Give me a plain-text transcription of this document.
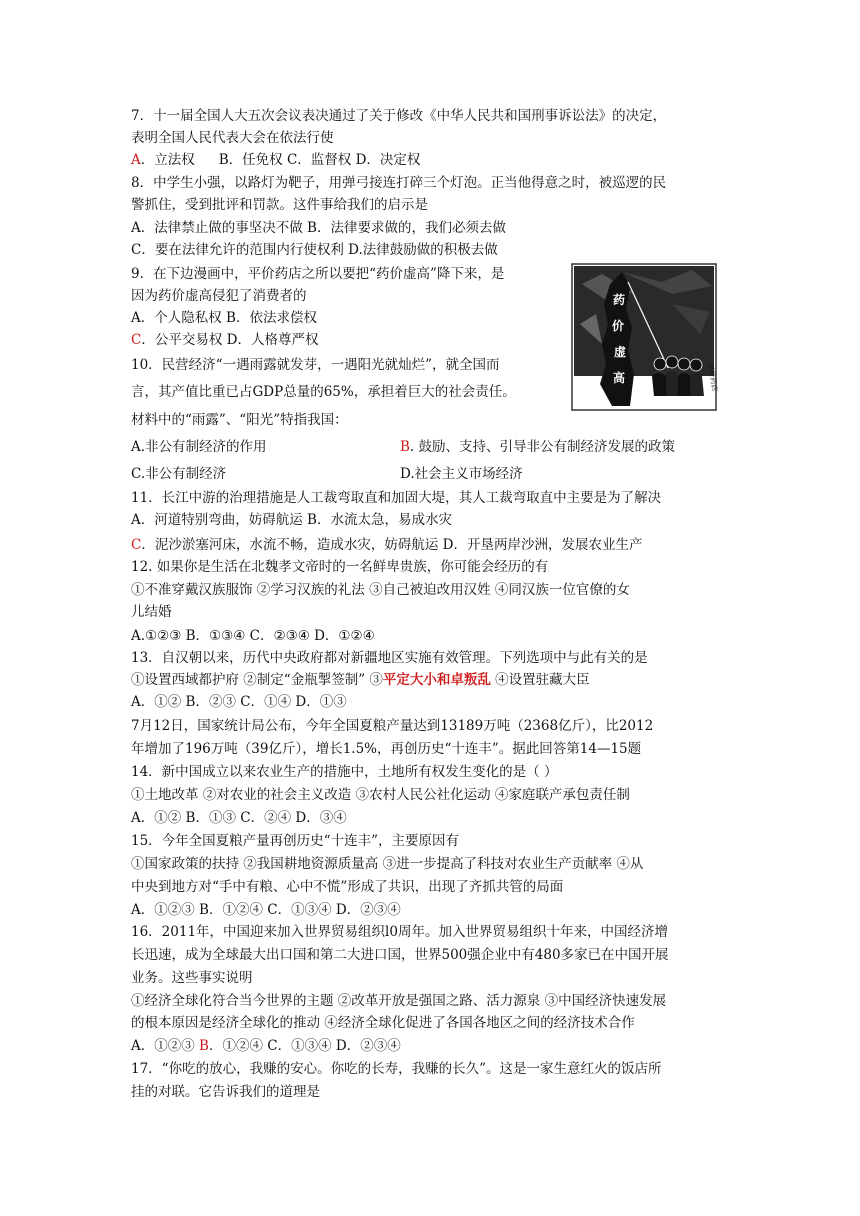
7．十一届全国人大五次会议表决通过了关于修改《中华人民共和国刑事诉讼法》的决定，
表明全国人民代表大会在依法行使
A．立法权 B．任免权 C．监督权 D．决定权
8．中学生小强，以路灯为靶子，用弹弓接连打碎三个灯泡。正当他得意之时，被巡逻的民
警抓住，受到批评和罚款。这件事给我们的启示是
A．法律禁止做的事坚决不做 B．法律要求做的，我们必须去做
C．要在法律允许的范围内行使权利 D.法律鼓励做的积极去做
9．在下边漫画中，平价药店之所以要把“药价虚高”降下来，是
因为药价虚高侵犯了消费者的
A．个人隐私权 B．依法求偿权
C．公平交易权 D．人格尊严权
药
价
虚
高	平价药店
10．民营经济“一遇雨露就发芽，一遇阳光就灿烂”，就全国而
言，其产值比重已占GDP总量的65%，承担着巨大的社会责任。
材料中的“雨露”、“阳光”特指我国：
A.非公有制经济的作用	B. 鼓励、支持、引导非公有制经济发展的政策
C.非公有制经济	D.社会主义市场经济
11．长江中游的治理措施是人工裁弯取直和加固大堤，其人工裁弯取直中主要是为了解决
A．河道特别弯曲，妨碍航运 B．水流太急，易成水灾
C．泥沙淤塞河床，水流不畅，造成水灾，妨碍航运 D．开垦两岸沙洲，发展农业生产
12. 如果你是生活在北魏孝文帝时的一名鲜卑贵族，你可能会经历的有
①不准穿戴汉族服饰 ②学习汉族的礼法 ③自己被迫改用汉姓 ④同汉族一位官僚的女
儿结婚
A.①②③ B．①③④ C．②③④ D．①②④
13．自汉朝以来，历代中央政府都对新疆地区实施有效管理。下列选项中与此有关的是
①设置西域都护府 ②制定“金瓶掣签制” ③平定大小和卓叛乱 ④设置驻藏大臣
A．①② B．②③ C．①④ D．①③
7月12日，国家统计局公布，今年全国夏粮产量达到13189万吨（2368亿斤），比2012
年增加了196万吨（39亿斤），增长1.5%，再创历史“十连丰”。据此回答第14—15题
14．新中国成立以来农业生产的措施中，土地所有权发生变化的是（ ）
①土地改革 ②对农业的社会主义改造 ③农村人民公社化运动 ④家庭联产承包责任制
A．①② B．①③ C．②④ D．③④
15．今年全国夏粮产量再创历史“十连丰”，主要原因有
①国家政策的扶持 ②我国耕地资源质量高 ③进一步提高了科技对农业生产贡献率 ④从
中央到地方对“手中有粮、心中不慌”形成了共识，出现了齐抓共管的局面
A．①②③ B．①②④ C．①③④ D．②③④
16．2011年，中国迎来加入世界贸易组织l0周年。加入世界贸易组织十年来，中国经济增
长迅速，成为全球最大出口国和第二大进口国，世界500强企业中有480多家已在中国开展
业务。这些事实说明
①经济全球化符合当今世界的主题 ②改革开放是强国之路、活力源泉 ③中国经济快速发展
的根本原因是经济全球化的推动 ④经济全球化促进了各国各地区之间的经济技术合作
A．①②③ B．①②④ C．①③④ D．②③④
17．“你吃的放心，我赚的安心。你吃的长寿，我赚的长久”。这是一家生意红火的饭店所
挂的对联。它告诉我们的道理是
